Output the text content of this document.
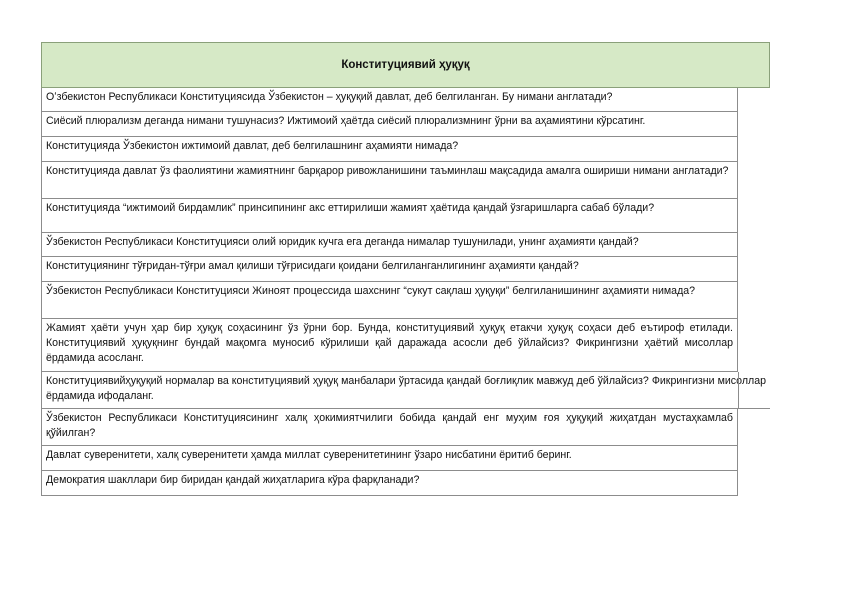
Конституциявий ҳуқуқ
Oʻзбекистон Республикаси Конституциясида Ўзбекистон – ҳуқуқий давлат, деб белгиланган. Бу нимани англатади?
Сиёсий плюрализм деганда нимани тушунасиз? Ижтимоий ҳаётда сиёсий плюрализмнинг ўрни ва аҳамиятини кўрсатинг.
Конституцияда Ўзбекистон ижтимоий давлат, деб белгилашнинг аҳамияти нимада?
Конституцияда давлат ўз фаолиятини жамиятнинг барқарор ривожланишини таъминлаш мақсадида амалга ошириши нимани англатади?
Конституцияда “ижтимоий бирдамлик” принсипининг акс еттирилиши жамият ҳаётида қандай ўзгаришларга сабаб бўлади?
Ўзбекистон Республикаси Конституцияси олий юридик кучга ега деганда нималар тушунилади, унинг аҳамияти қандай?
Конституциянинг тўғридан-тўғри амал қилиши тўғрисидаги қоидани белгиланганлигининг аҳамияти қандай?
Ўзбекистон Республикаси Конституцияси Жиноят процессида шахснинг “сукут сақлаш ҳуқуқи” белгиланишининг аҳамияти нимада?
Жамият ҳаёти учун ҳар бир ҳуқуқ соҳасининг ўз ўрни бор. Бунда, конституциявий ҳуқуқ етакчи ҳуқуқ соҳаси деб еътироф етилади. Конституциявий ҳуқуқнинг бундай мақомга муносиб кўрилиши қай даражада асосли деб ўйлайсиз? Фикрингизни ҳаётий мисоллар ёрдамида асосланг.
Конституциявийҳуқуқий нормалар ва конституциявий ҳуқуқ манбалари ўртасида қандай боғлиқлик мавжуд деб ўйлайсиз? Фикрингизни мисоллар ёрдамида ифодаланг.
Ўзбекистон Республикаси Конституциясининг халқ ҳокимиятчилиги бобида қандай енг муҳим ғоя ҳуқуқий жиҳатдан мустаҳкамлаб қўйилган?
Давлат суверенитети, халқ суверенитети ҳамда миллат суверенитетининг ўзаро нисбатини ёритиб беринг.
Демократия шакллари бир биридан қандай жиҳатларига кўра фарқланади?
